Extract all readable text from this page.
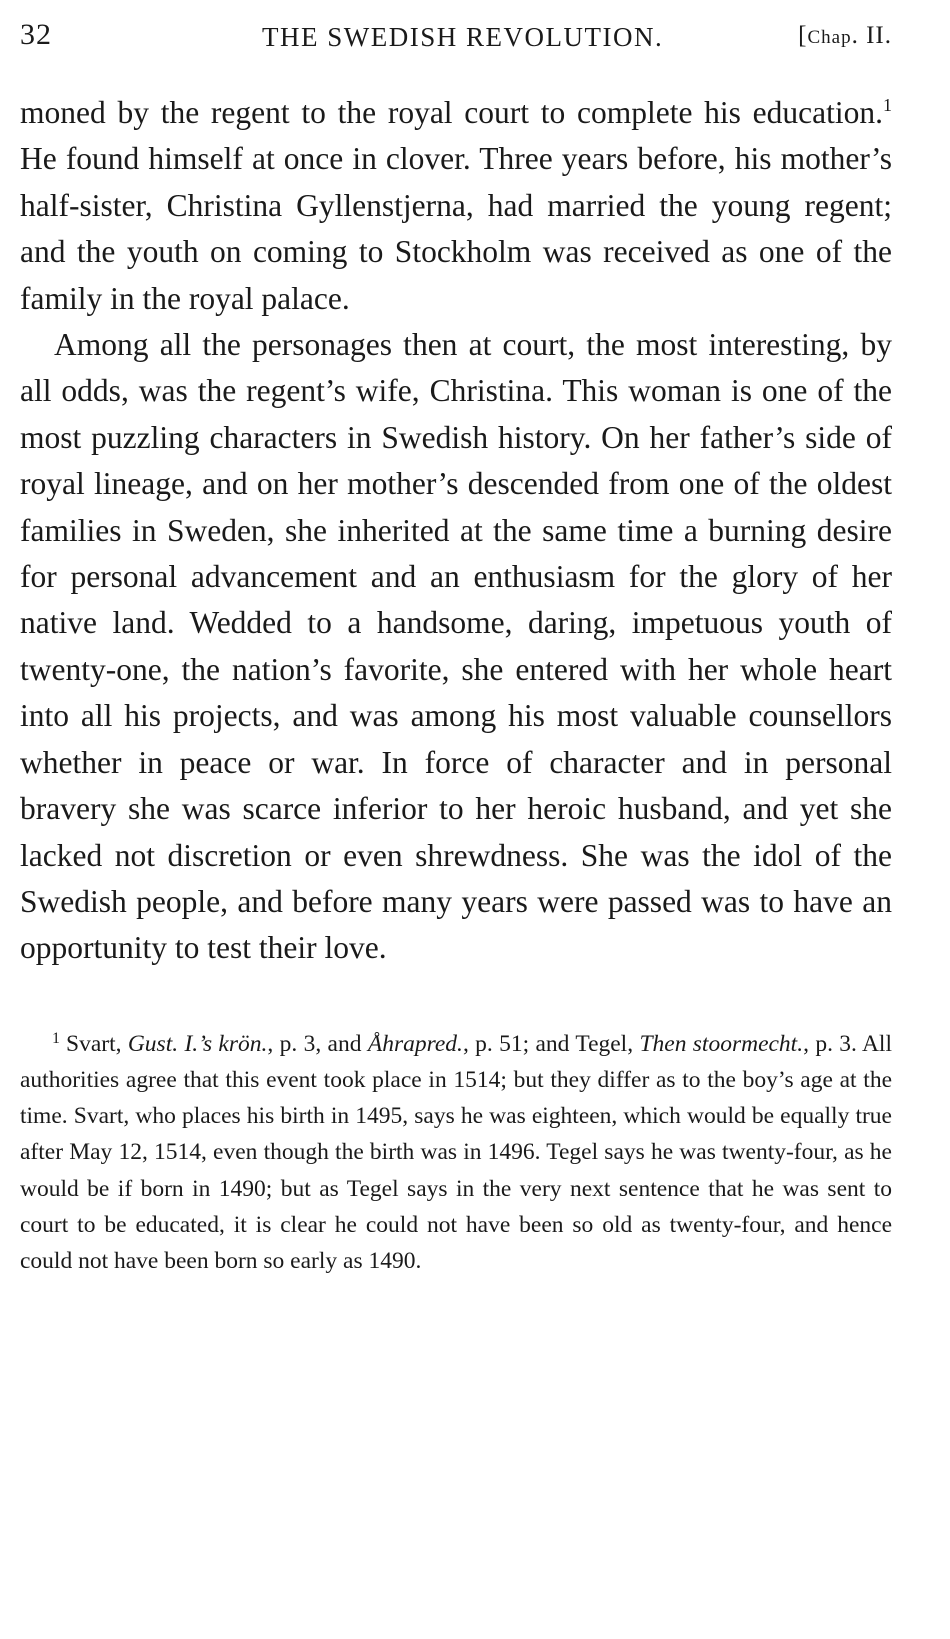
32	THE SWEDISH REVOLUTION.	[Chap. II.

moned by the regent to the royal court to complete his education.$^1$ He found himself at once in clover. Three years before, his mother’s half-sister, Christina Gyllenstjerna, had married the young regent; and the youth on coming to Stockholm was received as one of the family in the royal palace.

Among all the personages then at court, the most interesting, by all odds, was the regent’s wife, Christina. This woman is one of the most puzzling characters in Swedish history. On her father’s side of royal lineage, and on her mother’s descended from one of the oldest families in Sweden, she inherited at the same time a burning desire for personal advancement and an enthusiasm for the glory of her native land. Wedded to a handsome, daring, impetuous youth of twenty-one, the nation’s favorite, she entered with her whole heart into all his projects, and was among his most valuable counsellors whether in peace or war. In force of character and in personal bravery she was scarce inferior to her heroic husband, and yet she lacked not discretion or even shrewdness. She was the idol of the Swedish people, and before many years were passed was to have an opportunity to test their love.

$^1$ Svart, Gust. I.’s krön., p. 3, and Åhrapred., p. 51; and Tegel, Then stoormecht., p. 3. All authorities agree that this event took place in 1514; but they differ as to the boy’s age at the time. Svart, who places his birth in 1495, says he was eighteen, which would be equally true after May 12, 1514, even though the birth was in 1496. Tegel says he was twenty-four, as he would be if born in 1490; but as Tegel says in the very next sentence that he was sent to court to be educated, it is clear he could not have been so old as twenty-four, and hence could not have been born so early as 1490.
